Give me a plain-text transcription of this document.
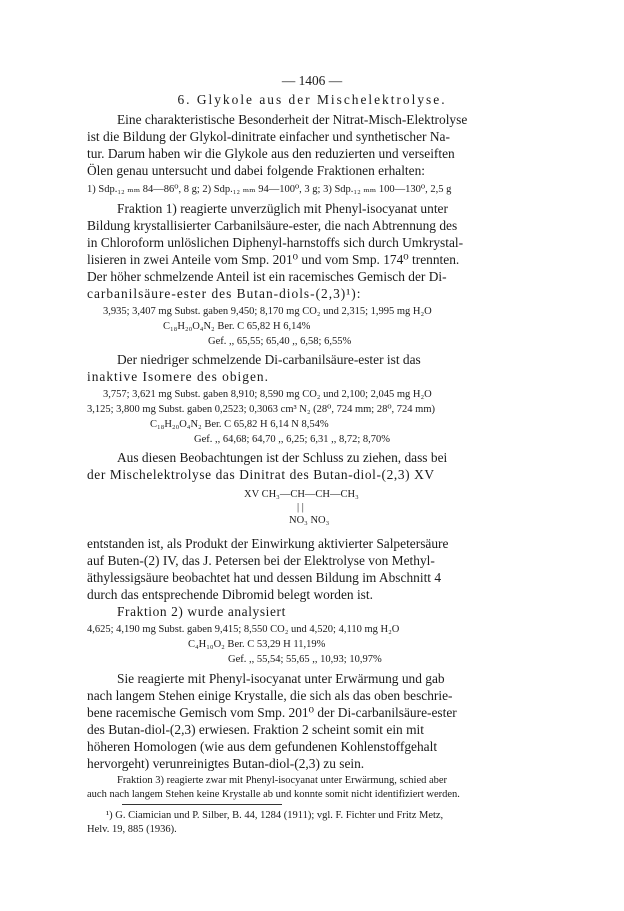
— 1406 —
6. Glykole aus der Mischelektrolyse.
Eine charakteristische Besonderheit der Nitrat-Misch-Elektrolyse
ist die Bildung der Glykol-dinitrate einfacher und synthetischer Na-
tur. Darum haben wir die Glykole aus den reduzierten und verseiften
Ölen genau untersucht und dabei folgende Fraktionen erhalten:
1) Sdp.₁₂ ₘₘ 84—86⁰, 8 g; 2) Sdp.₁₂ ₘₘ 94—100⁰, 3 g; 3) Sdp.₁₂ ₘₘ 100—130⁰, 2,5 g
Fraktion 1) reagierte unverzüglich mit Phenyl-isocyanat unter
Bildung krystallisierter Carbanilsäure-ester, die nach Abtrennung des
in Chloroform unlöslichen Diphenyl-harnstoffs sich durch Umkrystal-
lisieren in zwei Anteile vom Smp. 201⁰ und vom Smp. 174⁰ trennten.
Der höher schmelzende Anteil ist ein racemisches Gemisch der Di-
carbanilsäure-ester des Butan-diols-(2,3)¹):
3,935; 3,407 mg Subst. gaben 9,450; 8,170 mg CO₂ und 2,315; 1,995 mg H₂O
C₁₈H₂₀O₄N₂ Ber. C 65,82 H 6,14%
Gef. ,, 65,55; 65,40 ,, 6,58; 6,55%
Der niedriger schmelzende Di-carbanilsäure-ester ist das
inaktive Isomere des obigen.
3,757; 3,621 mg Subst. gaben 8,910; 8,590 mg CO₂ und 2,100; 2,045 mg H₂O
3,125; 3,800 mg Subst. gaben 0,2523; 0,3063 cm³ N₂ (28⁰, 724 mm; 28⁰, 724 mm)
C₁₈H₂₀O₄N₂ Ber. C 65,82 H 6,14 N 8,54%
Gef. ,, 64,68; 64,70 ,, 6,25; 6,31 ,, 8,72; 8,70%
Aus diesen Beobachtungen ist der Schluss zu ziehen, dass bei
der Mischelektrolyse das Dinitrat des Butan-diol-(2,3) XV
XV CH₃—CH—CH—CH₃
| |
NO₃ NO₃
entstanden ist, als Produkt der Einwirkung aktivierter Salpetersäure
auf Buten-(2) IV, das J. Petersen bei der Elektrolyse von Methyl-
äthylessigsäure beobachtet hat und dessen Bildung im Abschnitt 4
durch das entsprechende Dibromid belegt worden ist.
Fraktion 2) wurde analysiert
4,625; 4,190 mg Subst. gaben 9,415; 8,550 CO₂ und 4,520; 4,110 mg H₂O
C₄H₁₀O₂ Ber. C 53,29 H 11,19%
Gef. ,, 55,54; 55,65 ,, 10,93; 10,97%
Sie reagierte mit Phenyl-isocyanat unter Erwärmung und gab
nach langem Stehen einige Krystalle, die sich als das oben beschrie-
bene racemische Gemisch vom Smp. 201⁰ der Di-carbanilsäure-ester
des Butan-diol-(2,3) erwiesen. Fraktion 2 scheint somit ein mit
höheren Homologen (wie aus dem gefundenen Kohlenstoffgehalt
hervorgeht) verunreinigtes Butan-diol-(2,3) zu sein.
Fraktion 3) reagierte zwar mit Phenyl-isocyanat unter Erwärmung, schied aber
auch nach langem Stehen keine Krystalle ab und konnte somit nicht identifiziert werden.
¹) G. Ciamician und P. Silber, B. 44, 1284 (1911); vgl. F. Fichter und Fritz Metz,
Helv. 19, 885 (1936).
